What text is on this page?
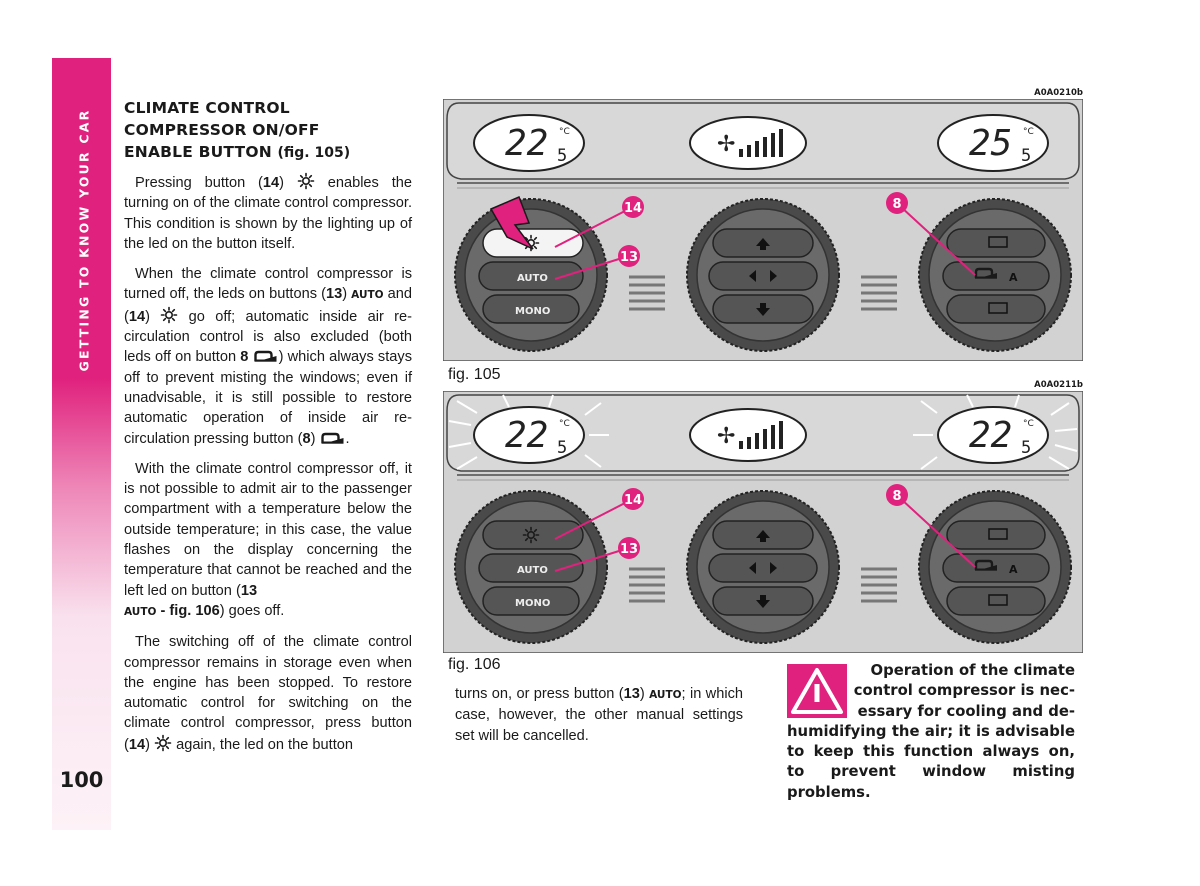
GETTING TO KNOW YOUR CAR
100
CLIMATE CONTROL
COMPRESSOR ON/OFF
ENABLE BUTTON (fig. 105)

Pressing button (14)  enables the turning on of the climate control compressor. This condition is shown by the lighting up of the led on the button itself.

When the climate control compressor is turned off, the leds on buttons (13) AUTO and (14)  go off; automatic inside air re-circulation control is also excluded (both leds off on button 8 ) which always stays off to prevent misting the windows; even if unadvisable, it is still possible to restore automatic operation of inside air re-circulation pressing button (8) .

With the climate control compressor off, it is not possible to admit air to the passenger compartment with a temperature below the outside temperature; in this case, the value flashes on the display concerning the temperature that cannot be reached and the left led on button (13
AUTO - fig. 106) goes off.

The switching off of the climate control compressor remains in storage even when the engine has been stopped. To restore automatic control for switching on the climate control compressor, press button (14)  again, the led on the button

A0A0210b
22 5
°C	✢	25 5
°C
AUTO
MONO
A
14
13
8
fig. 105
A0A0211b
22 5
°C	✢	22 5
°C
AUTO
MONO
A
14
13
8
fig. 106

turns on, or press button (13) AUTO; in which case, however, the other manual settings set will be cancelled.

Operation of the climate
control compressor is nec-
essary for cooling and de-
humidifying the air; it is advisable to keep this function always on, to prevent window misting problems.
